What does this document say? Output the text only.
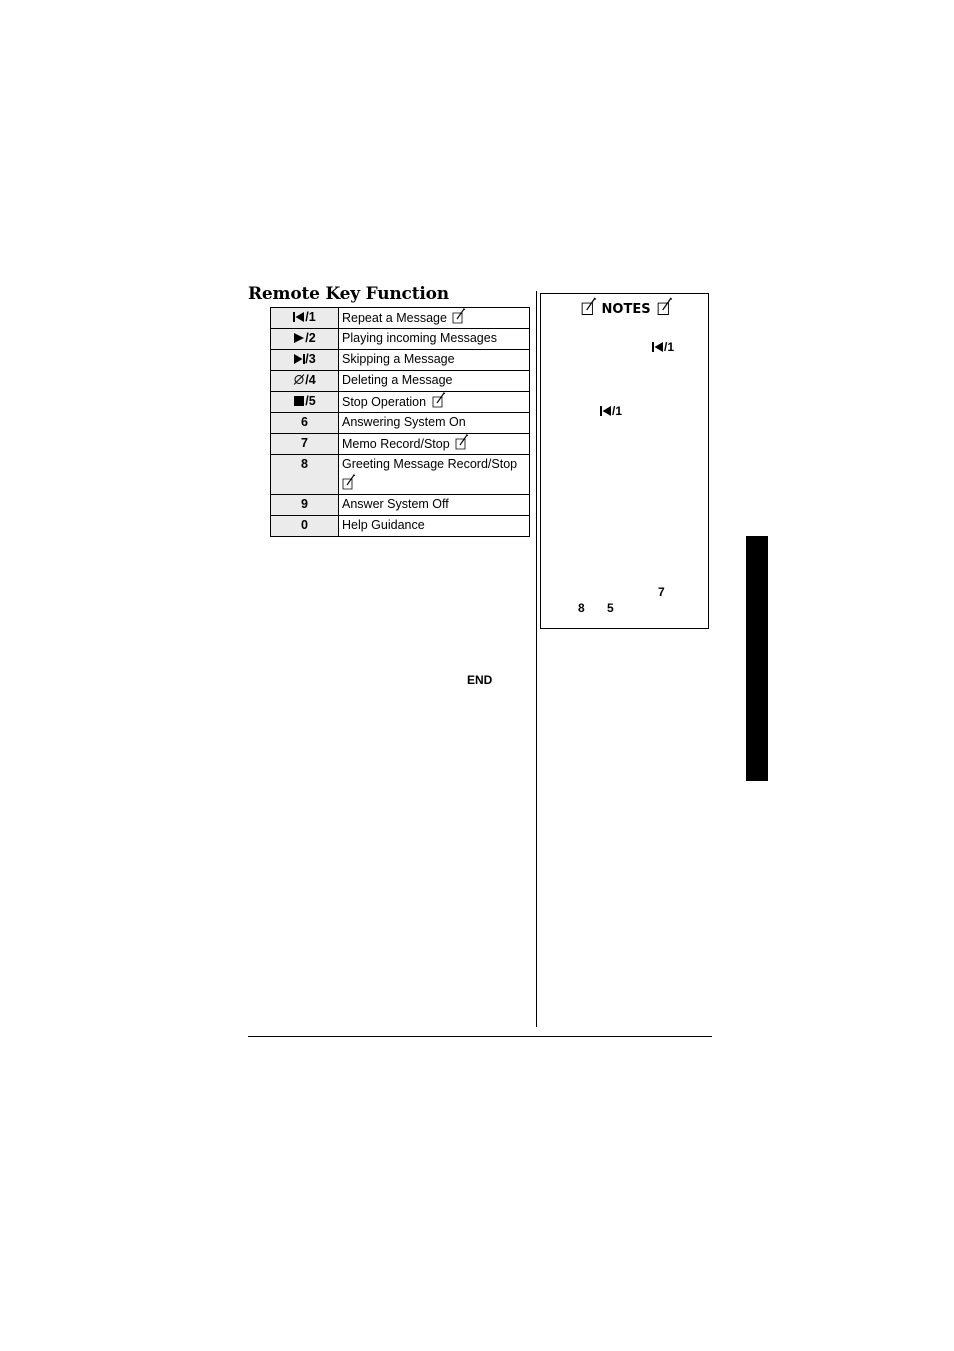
Remote Key Function
/1	Repeat a Message
/2	Playing incoming Messages
/3	Skipping a Message
/4	Deleting a Message
/5	Stop Operation
6	Answering System On
7	Memo Record/Stop
8	Greeting Message Record/Stop

9	Answer System Off
0	Help Guidance
END
NOTES
/1
/1
7
8 5
